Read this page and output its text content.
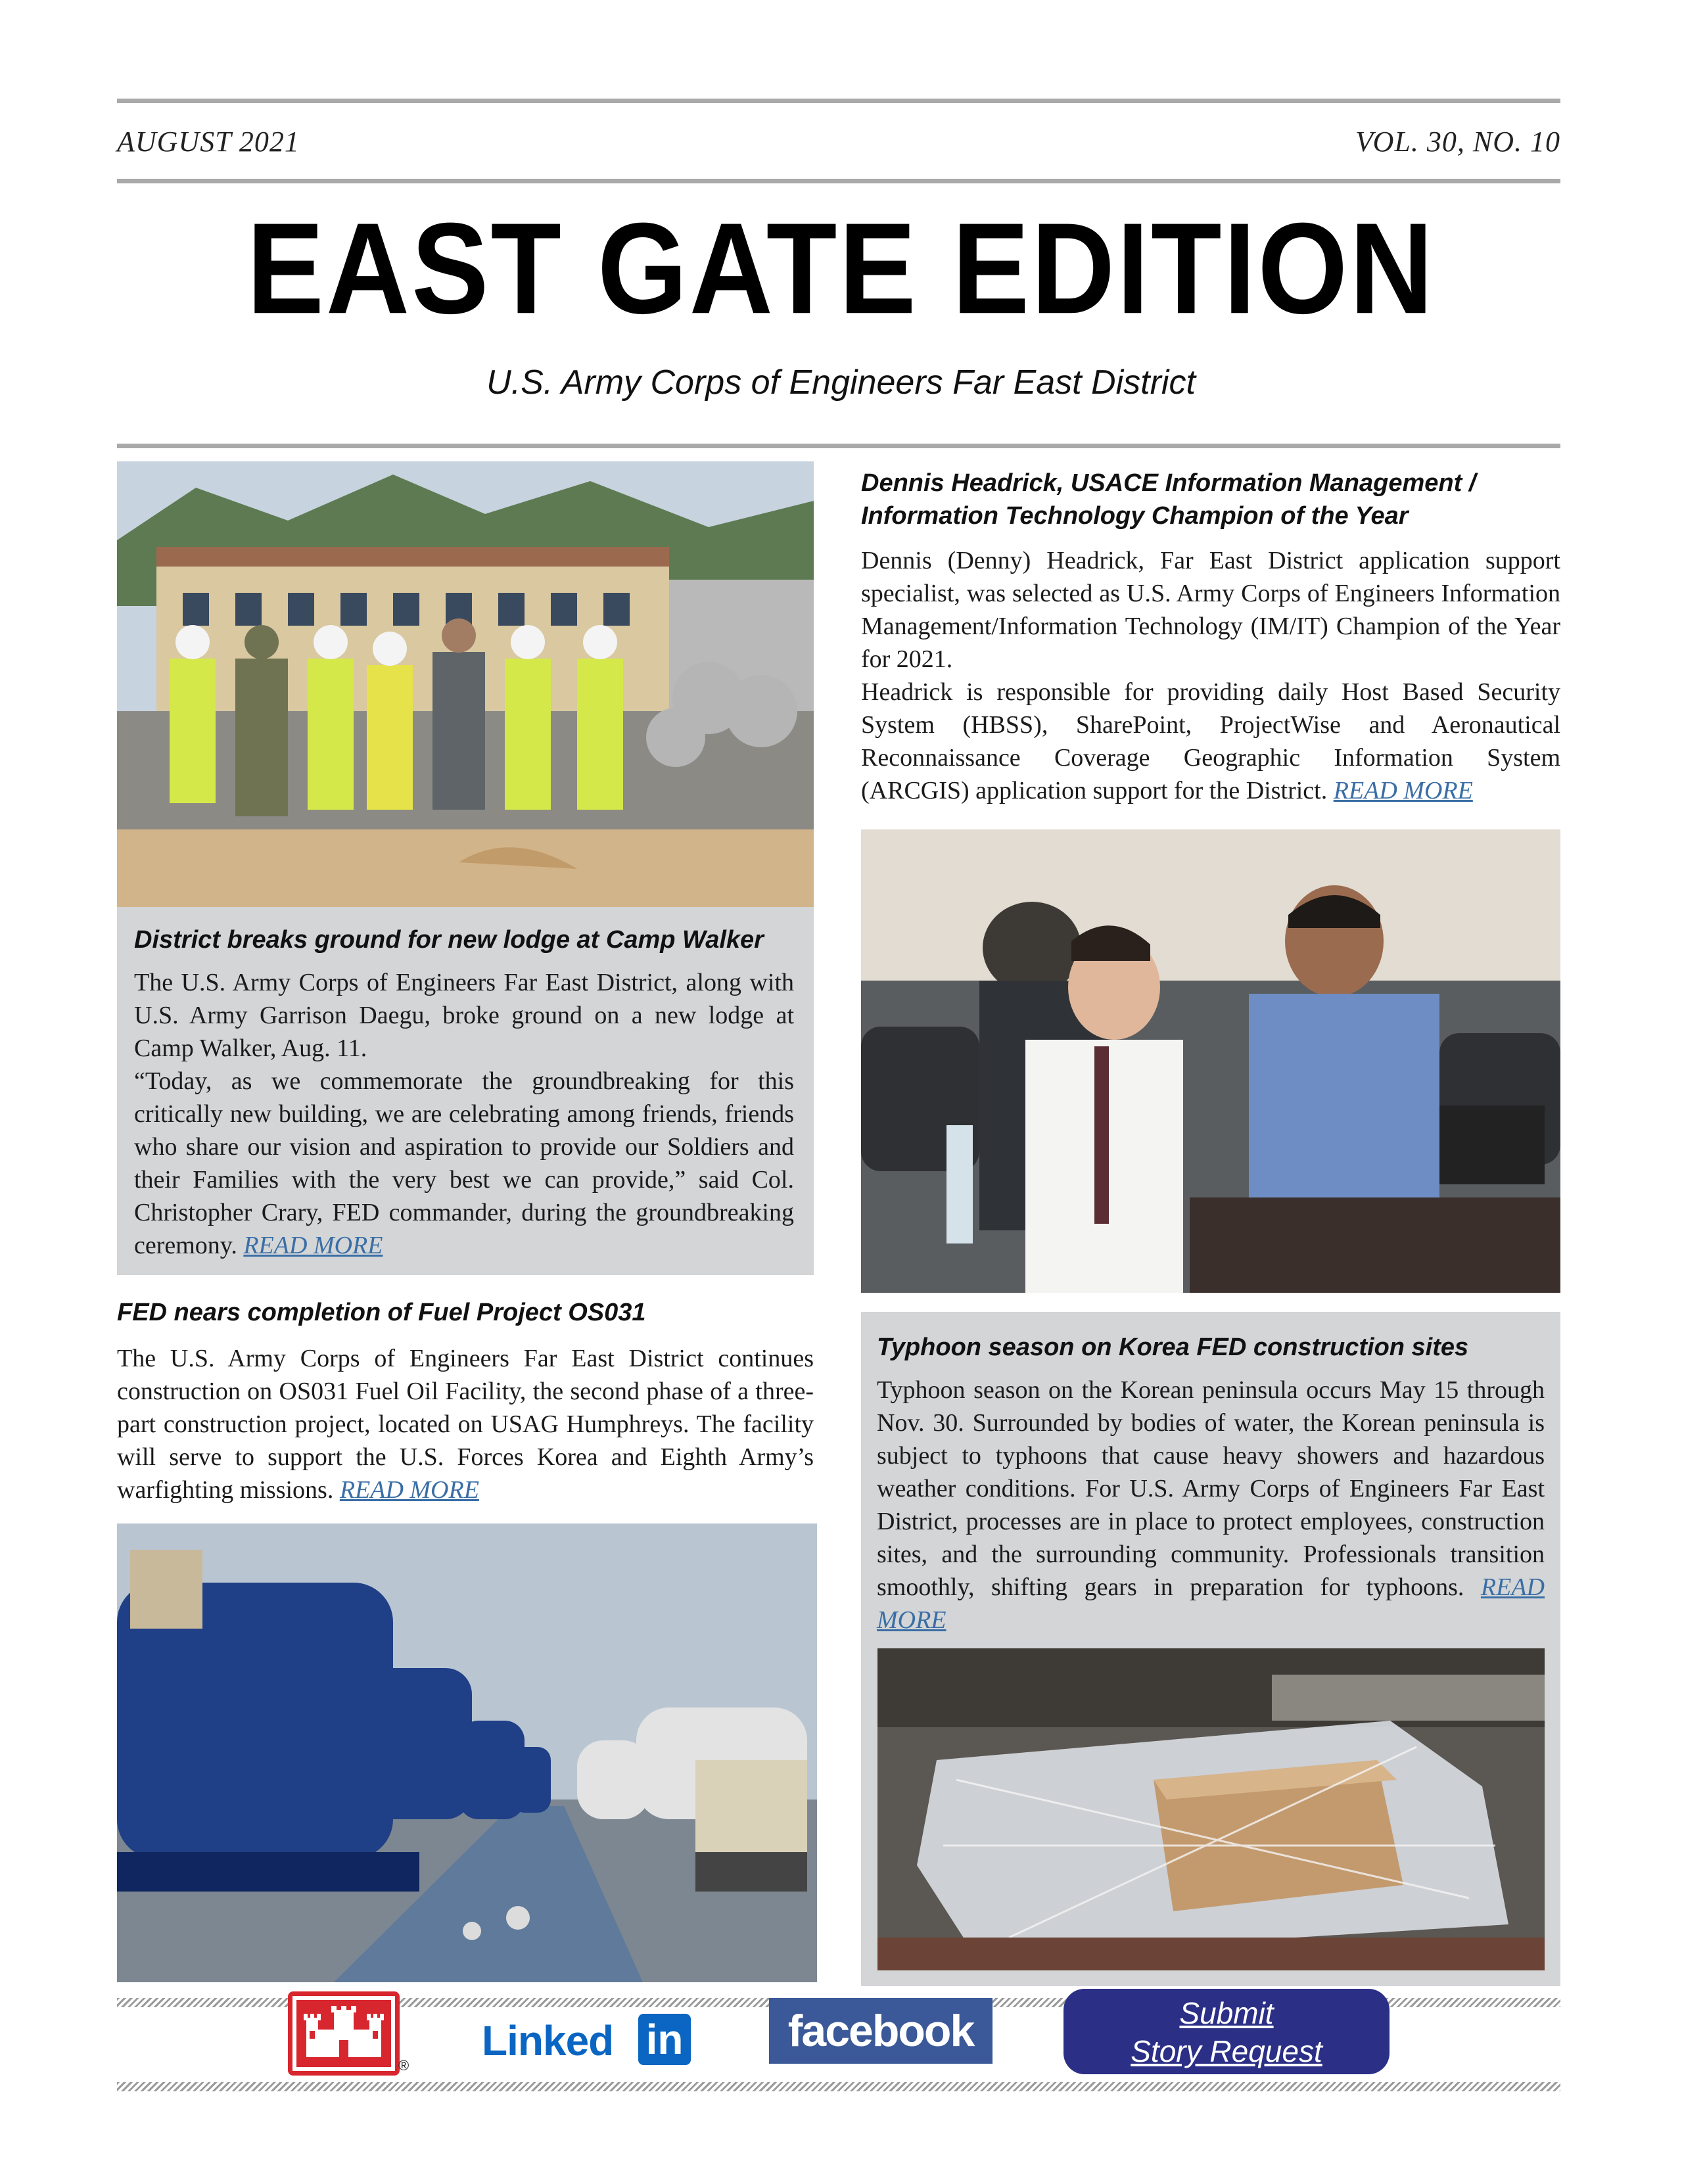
AUGUST 2021	VOL. 30, NO. 10
EAST GATE EDITION
U.S. Army Corps of Engineers Far East District
District breaks ground for new lodge at Camp Walker
The U.S. Army Corps of Engineers Far East District, along with U.S. Army Garrison Daegu, broke ground on a new lodge at Camp Walker, Aug. 11.
“Today, as we commemorate the groundbreaking for this critically new building, we are celebrating among friends, friends who share our vision and aspiration to provide our Soldiers and their Families with the very best we can provide,” said Col. Christopher Crary, FED commander, during the groundbreaking ceremony. READ MORE
FED nears completion of Fuel Project OS031
The U.S. Army Corps of Engineers Far East District continues construction on OS031 Fuel Oil Facility, the second phase of a three-part construction project, located on USAG Humphreys. The facility will serve to support the U.S. Forces Korea and Eighth Army’s warfighting missions. READ MORE
Dennis Headrick, USACE Information Management / Information Technology Champion of the Year
Dennis (Denny) Headrick, Far East District application support specialist, was selected as U.S. Army Corps of Engineers Information Management/Information Technology (IM/IT) Champion of the Year for 2021.
Headrick is responsible for providing daily Host Based Security System (HBSS), SharePoint, ProjectWise and Aeronautical Reconnaissance Coverage Geographic Information System (ARCGIS) application support for the District. READ MORE
Typhoon season on Korea FED construction sites
Typhoon season on the Korean peninsula occurs May 15 through Nov. 30. Surrounded by bodies of water, the Korean peninsula is subject to typhoons that cause heavy showers and hazardous weather conditions. For U.S. Army Corps of Engineers Far East District, processes are in place to protect employees, construction sites, and the surrounding community. Professionals transition smoothly, shifting gears in preparation for typhoons. READ MORE
®
Linked in	facebook	Submit
Story Request
